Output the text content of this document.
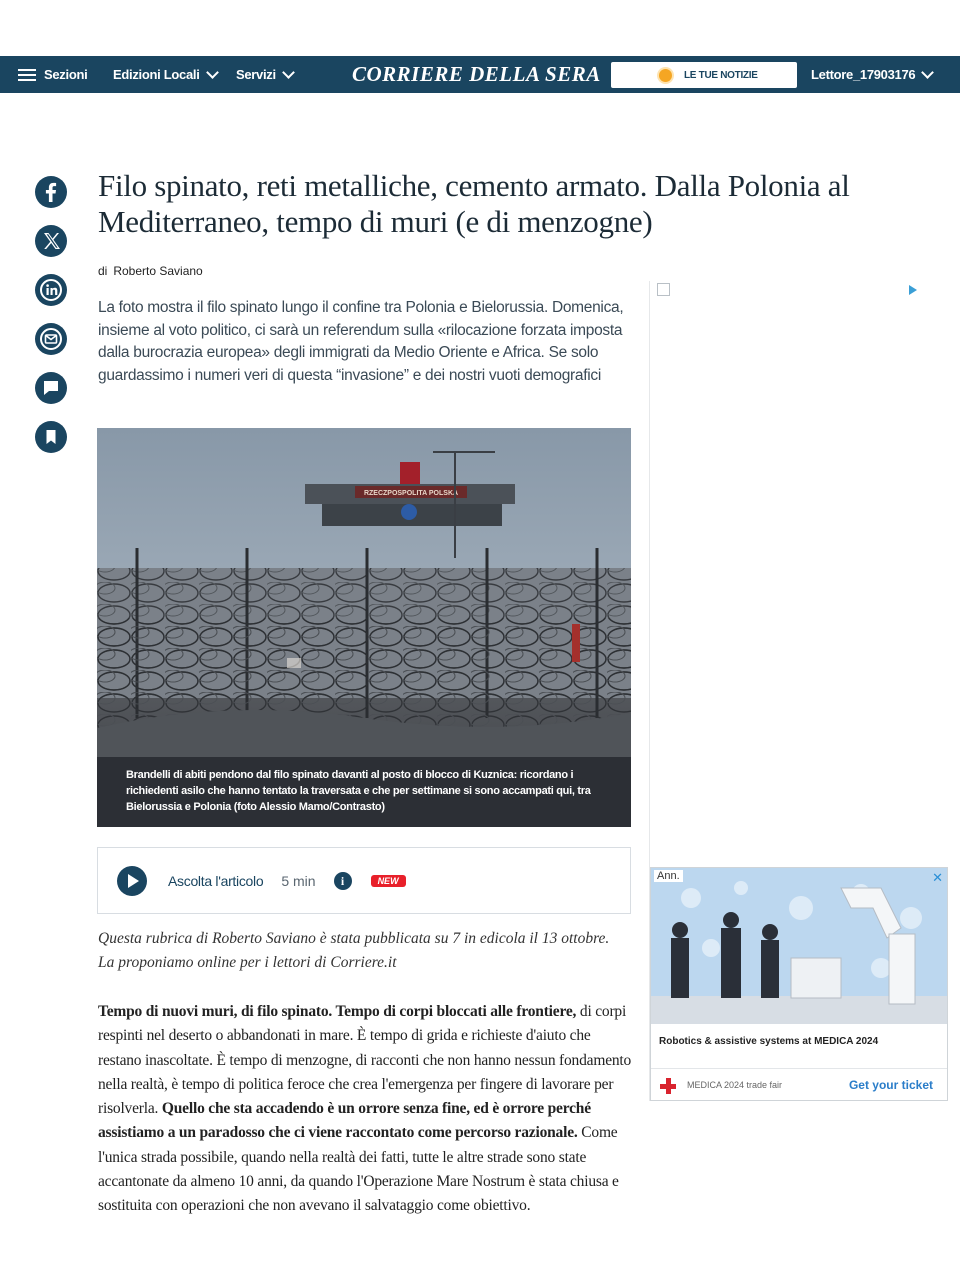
Sezioni Edizioni Locali	Servizi	CORRIERE DELLA SERA	LE TUE NOTIZIE	Lettore_17903176
Filo spinato, reti metalliche, cemento armato. Dalla Polonia al Mediterraneo, tempo di muri (e di menzogne)
di Roberto Saviano

La foto mostra il filo spinato lungo il confine tra Polonia e Bielorussia. Domenica, insieme al voto politico, ci sarà un referendum sulla «rilocazione forzata imposta dalla burocrazia europea» degli immigrati da Medio Oriente e Africa. Se solo guardassimo i numeri veri di questa “invasione” e dei nostri vuoti demografici

RZECZPOSPOLITA POLSKA
Brandelli di abiti pendono dal filo spinato davanti al posto di blocco di Kuznica: ricordano i richiedenti asilo che hanno tentato la traversata e che per settimane si sono accampati qui, tra Bielorussia e Polonia (foto Alessio Mamo/Contrasto)
Ascolta l'articolo 5 min	i	NEW

Questa rubrica di Roberto Saviano è stata pubblicata su 7 in edicola il 13 ottobre. La proponiamo online per i lettori di Corriere.it

Tempo di nuovi muri, di filo spinato. Tempo di corpi bloccati alle frontiere, di corpi respinti nel deserto o abbandonati in mare. È tempo di grida e richieste d'aiuto che restano inascoltate. È tempo di menzogne, di racconti che non hanno nessun fondamento nella realtà, è tempo di politica feroce che crea l'emergenza per fingere di lavorare per risolverla. Quello che sta accadendo è un orrore senza fine, ed è orrore perché assistiamo a un paradosso che ci viene raccontato come percorso razionale. Come l'unica strada possibile, quando nella realtà dei fatti, tutte le altre strade sono state accantonate da almeno 10 anni, da quando l'Operazione Mare Nostrum è stata chiusa e sostituita con operazioni che non avevano il salvataggio come obiettivo.

Ann.	✕
Robotics & assistive systems at MEDICA 2024
MEDICA 2024 trade fair	Get your ticket
